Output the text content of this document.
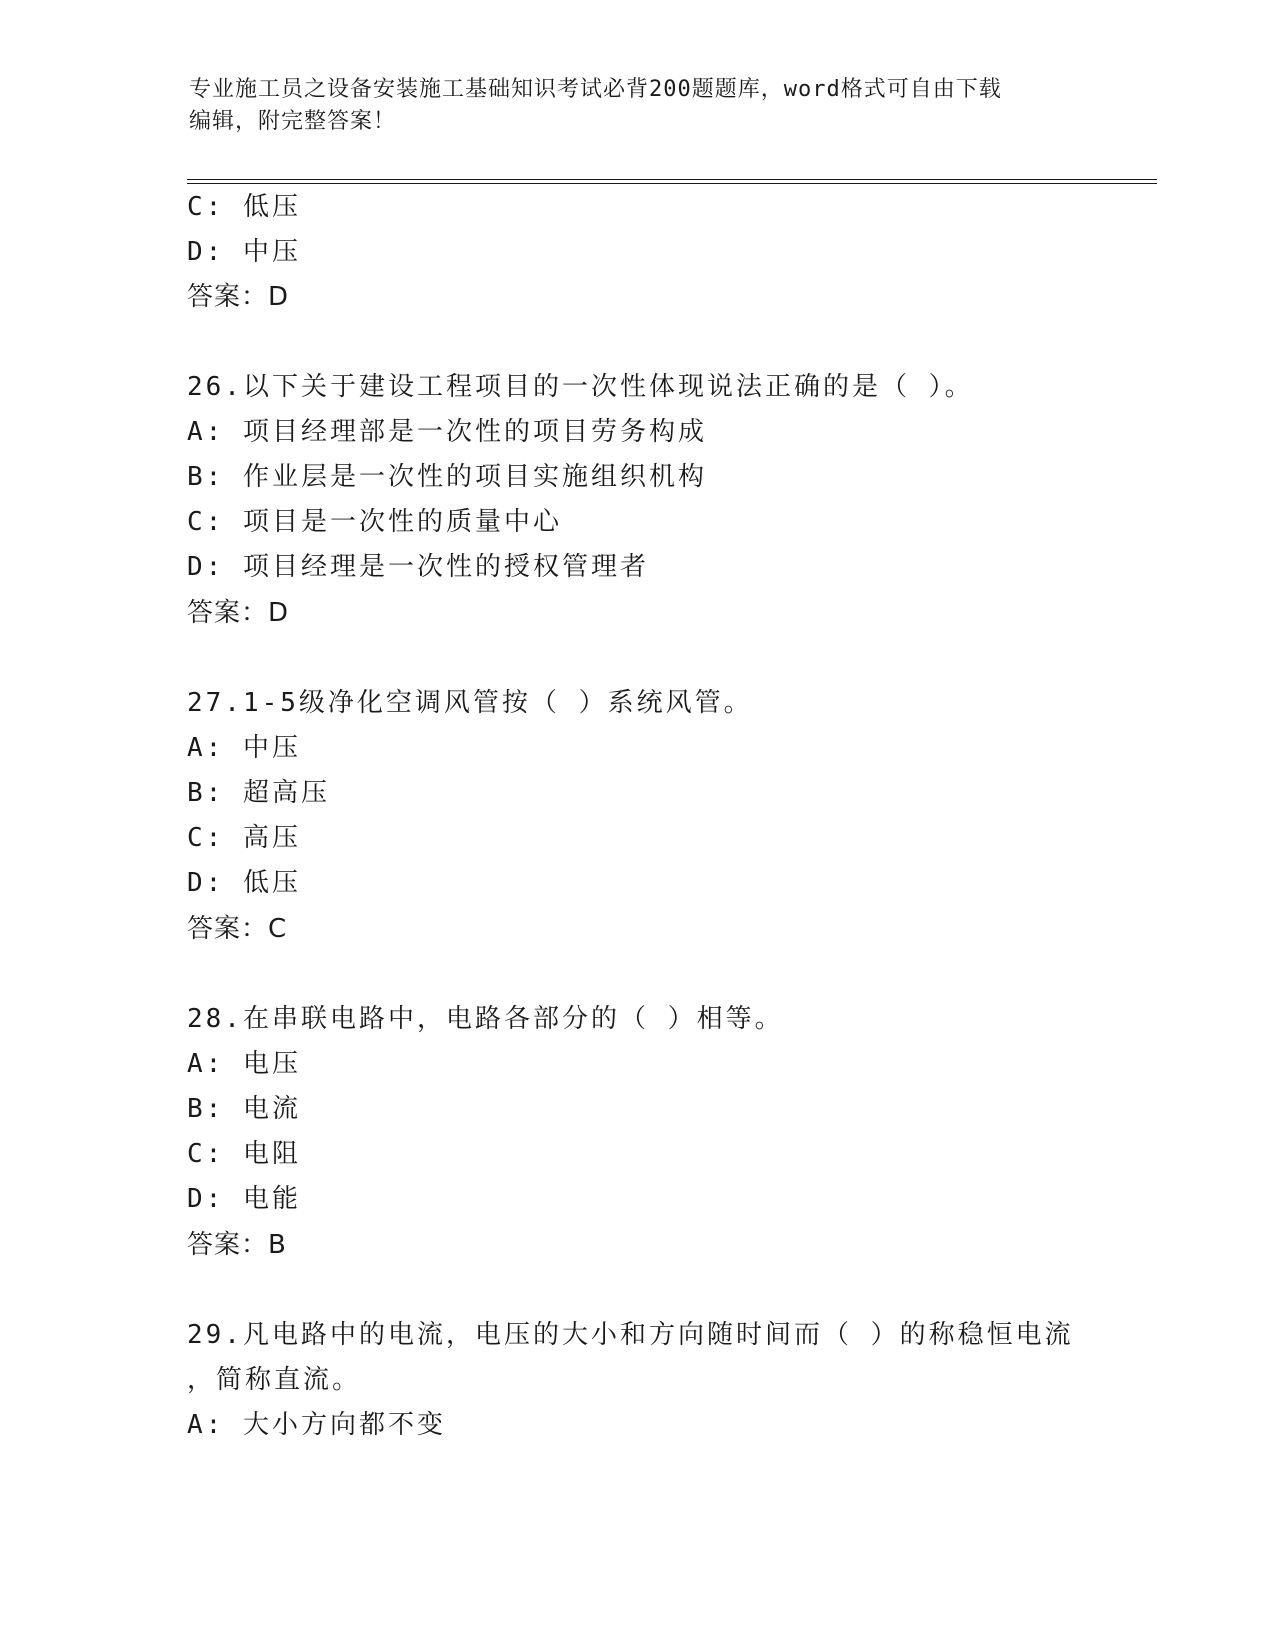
专业施工员之设备安装施工基础知识考试必背200题题库，word格式可自由下载
编辑，附完整答案！
C: 低压
D: 中压
答案：D
26.以下关于建设工程项目的一次性体现说法正确的是（ ）。
A: 项目经理部是一次性的项目劳务构成
B: 作业层是一次性的项目实施组织机构
C: 项目是一次性的质量中心
D: 项目经理是一次性的授权管理者
答案：D
27.1-5级净化空调风管按（ ）系统风管。
A: 中压
B: 超高压
C: 高压
D: 低压
答案：C
28.在串联电路中，电路各部分的（ ）相等。
A: 电压
B: 电流
C: 电阻
D: 电能
答案：B
29.凡电路中的电流，电压的大小和方向随时间而（ ）的称稳恒电流
，简称直流。
A: 大小方向都不变
